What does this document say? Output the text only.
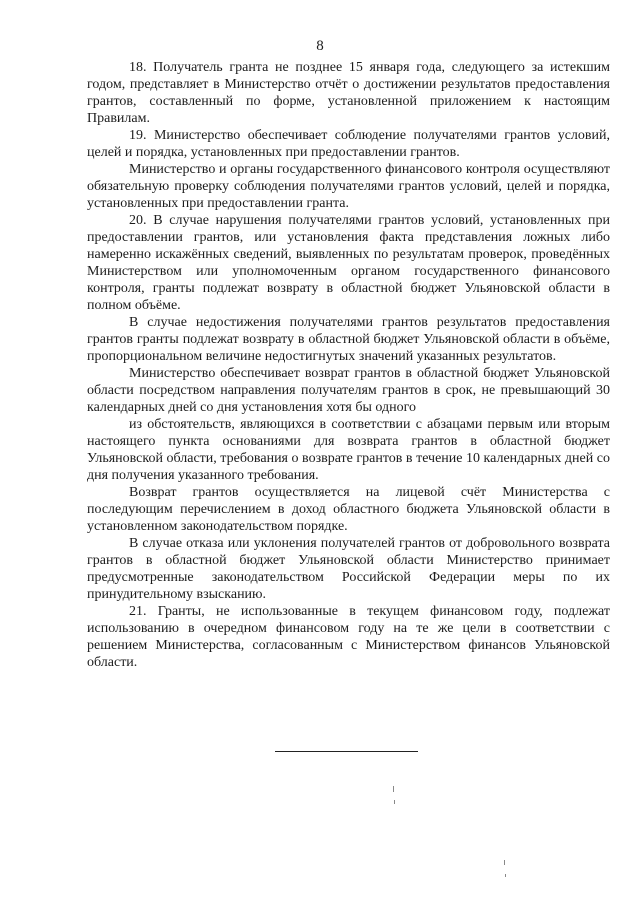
8

18. Получатель гранта не позднее 15 января года, следующего за истекшим годом, представляет в Министерство отчёт о достижении результатов предоставления грантов, составленный по форме, установленной приложением к настоящим Правилам.

19. Министерство обеспечивает соблюдение получателями грантов условий, целей и порядка, установленных при предоставлении грантов.

Министерство и органы государственного финансового контроля осуществляют обязательную проверку соблюдения получателями грантов условий, целей и порядка, установленных при предоставлении гранта.

20. В случае нарушения получателями грантов условий, установленных при предоставлении грантов, или установления факта представления ложных либо намеренно искажённых сведений, выявленных по результатам проверок, проведённых Министерством или уполномоченным органом государственного финансового контроля, гранты подлежат возврату в областной бюджет Ульяновской области в полном объёме.

В случае недостижения получателями грантов результатов предоставления грантов гранты подлежат возврату в областной бюджет Ульяновской области в объёме, пропорциональном величине недостигнутых значений указанных результатов.

Министерство обеспечивает возврат грантов в областной бюджет Ульяновской области посредством направления получателям грантов в срок, не превышающий 30 календарных дней со дня установления хотя бы одного

из обстоятельств, являющихся в соответствии с абзацами первым или вторым настоящего пункта основаниями для возврата грантов в областной бюджет Ульяновской области, требования о возврате грантов в течение 10 календарных дней со дня получения указанного требования.

Возврат грантов осуществляется на лицевой счёт Министерства с последующим перечислением в доход областного бюджета Ульяновской области в установленном законодательством порядке.

В случае отказа или уклонения получателей грантов от добровольного возврата грантов в областной бюджет Ульяновской области Министерство принимает предусмотренные законодательством Российской Федерации меры по их принудительному взысканию.

21. Гранты, не использованные в текущем финансовом году, подлежат использованию в очередном финансовом году на те же цели в соответствии с решением Министерства, согласованным с Министерством финансов Ульяновской области.
